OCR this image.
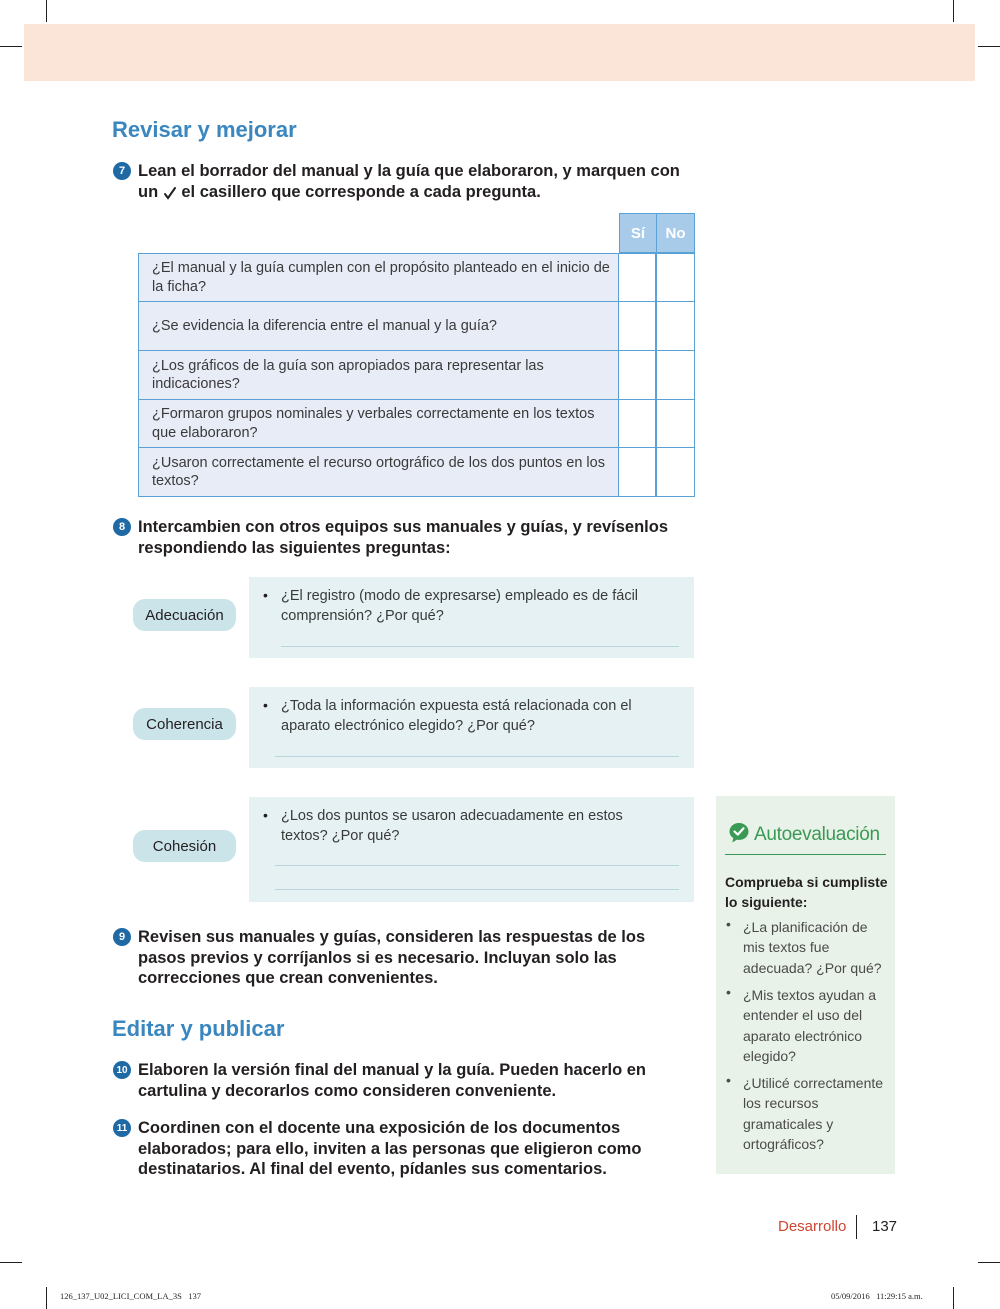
Revisar y mejorar
7 Lean el borrador del manual y la guía que elaboraron, y marquen con
un el casillero que corresponde a cada pregunta.
Sí	No
¿El manual y la guía cumplen con el propósito planteado en el inicio de la ficha?
¿Se evidencia la diferencia entre el manual y la guía?
¿Los gráficos de la guía son apropiados para representar las indicaciones?
¿Formaron grupos nominales y verbales correctamente en los textos que elaboraron?
¿Usaron correctamente el recurso ortográfico de los dos puntos en los textos?
8 Intercambien con otros equipos sus manuales y guías, y revísenlos respondiendo las siguientes preguntas:
Adecuación
• ¿El registro (modo de expresarse) empleado es de fácil comprensión? ¿Por qué?
Coherencia
• ¿Toda la información expuesta está relacionada con el aparato electrónico elegido? ¿Por qué?
Cohesión
• ¿Los dos puntos se usaron adecuadamente en estos textos? ¿Por qué?
9 Revisen sus manuales y guías, consideren las respuestas de los pasos previos y corríjanlos si es necesario. Incluyan solo las correcciones que crean convenientes.
Editar y publicar
10 Elaboren la versión final del manual y la guía. Pueden hacerlo en cartulina y decorarlos como consideren conveniente.
11 Coordinen con el docente una exposición de los documentos elaborados; para ello, inviten a las personas que eligieron como destinatarios. Al final del evento, pídanles sus comentarios.
Autoevaluación
Comprueba si cumpliste lo siguiente:
• ¿La planificación de mis textos fue adecuada? ¿Por qué?
• ¿Mis textos ayudan a entender el uso del aparato electrónico elegido?
• ¿Utilicé correctamente los recursos gramaticales y ortográficos?
Desarrollo 137
126_137_U02_LICI_COM_LA_3S   137	05/09/2016   11:29:15 a.m.
